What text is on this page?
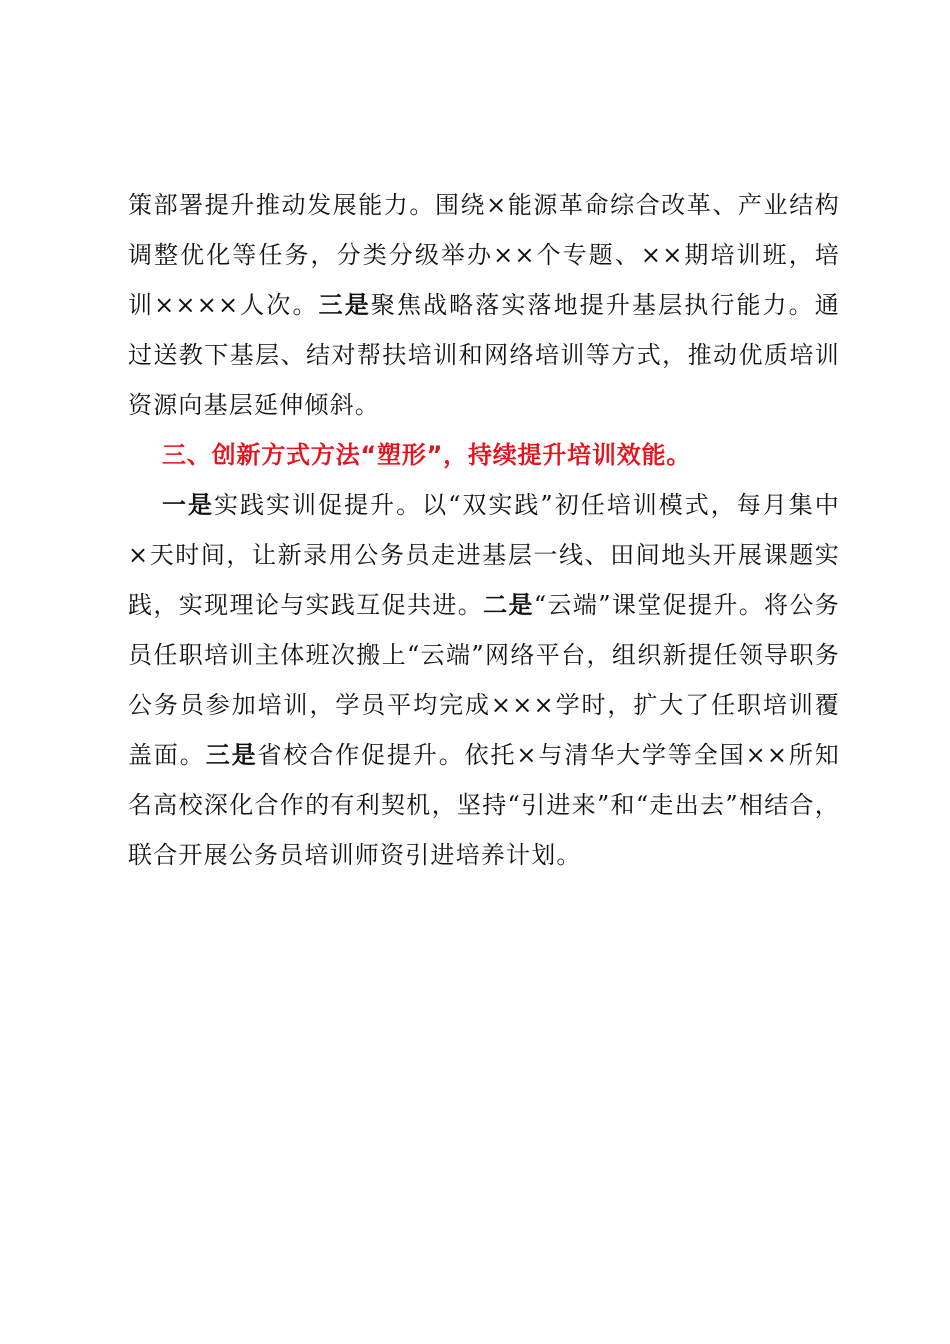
策部署提升推动发展能力。围绕×能源革命综合改革、产业结构调整优化等任务，分类分级举办××个专题、××期培训班，培训××××人次。三是聚焦战略落实落地提升基层执行能力。通过送教下基层、结对帮扶培训和网络培训等方式，推动优质培训资源向基层延伸倾斜。

三、创新方式方法“塑形”，持续提升培训效能。

一是实践实训促提升。以“双实践”初任培训模式，每月集中×天时间，让新录用公务员走进基层一线、田间地头开展课题实践，实现理论与实践互促共进。二是“云端”课堂促提升。将公务员任职培训主体班次搬上“云端”网络平台，组织新提任领导职务公务员参加培训，学员平均完成×××学时，扩大了任职培训覆盖面。三是省校合作促提升。依托×与清华大学等全国××所知名高校深化合作的有利契机，坚持“引进来”和“走出去”相结合，联合开展公务员培训师资引进培养计划。
